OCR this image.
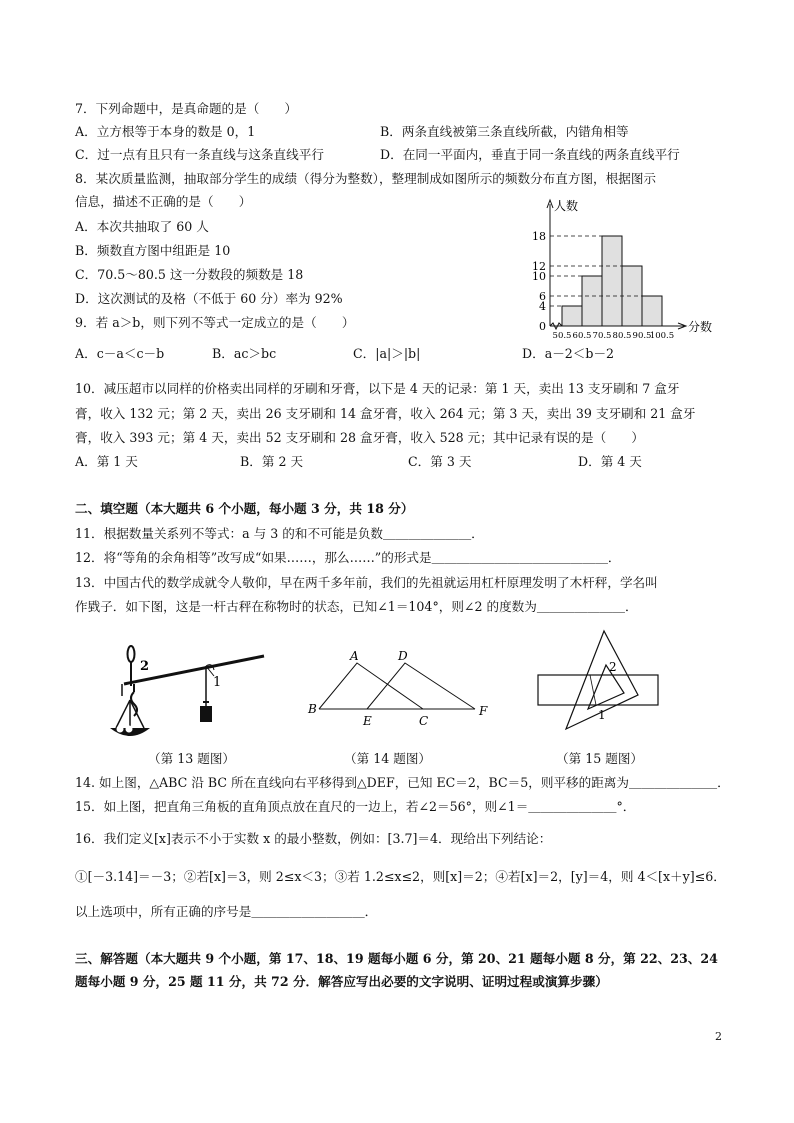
7．下列命题中，是真命题的是（　　）
A．立方根等于本身的数是 0，1	B．两条直线被第三条直线所截，内错角相等
C．过一点有且只有一条直线与这条直线平行	D．在同一平面内，垂直于同一条直线的两条直线平行
8．某次质量监测，抽取部分学生的成绩（得分为整数），整理制成如图所示的频数分布直方图，根据图示
信息，描述不正确的是（　　）
A．本次共抽取了 60 人
B．频数直方图中组距是 10
C．70.5～80.5 这一分数段的频数是 18
D．这次测试的及格（不低于 60 分）率为 92%
0
4
6
10
12
18
50.5 60.5 70.5 80.5 90.5
100.5
人数
分数
9．若 a＞b，则下列不等式一定成立的是（　　）
A．c－a＜c－b	B．ac＞bc	C．|a|＞|b|	D．a－2＜b－2
10．减压超市以同样的价格卖出同样的牙刷和牙膏，以下是 4 天的记录：第 1 天，卖出 13 支牙刷和 7 盒牙
膏，收入 132 元；第 2 天，卖出 26 支牙刷和 14 盒牙膏，收入 264 元；第 3 天，卖出 39 支牙刷和 21 盒牙
膏，收入 393 元；第 4 天，卖出 52 支牙刷和 28 盒牙膏，收入 528 元；其中记录有误的是（　　）
A．第 1 天	B．第 2 天	C．第 3 天	D．第 4 天
二、填空题（本大题共 6 个小题，每小题 3 分，共 18 分）
11．根据数量关系列不等式：a 与 3 的和不可能是负数＿＿＿＿＿＿＿．
12．将“等角的余角相等”改写成“如果……，那么……”的形式是＿＿＿＿＿＿＿＿＿＿＿＿＿＿．
13．中国古代的数学成就令人敬仰，早在两千多年前，我们的先祖就运用杠杆原理发明了木杆秤，学名叫
作戥子．如下图，这是一杆古秤在称物时的状态，已知∠1＝104°，则∠2 的度数为＿＿＿＿＿＿＿．
2
1
A	D
B
E	C
F
2
1
（第 13 题图）	（第 14 题图）	（第 15 题图）
14. 如上图，△ABC 沿 BC 所在直线向右平移得到△DEF，已知 EC＝2，BC＝5，则平移的距离为＿＿＿＿＿＿＿．
15．如上图，把直角三角板的直角顶点放在直尺的一边上，若∠2＝56°，则∠1＝＿＿＿＿＿＿＿°．
16．我们定义[x]表示不小于实数 x 的最小整数，例如：[3.7]＝4．现给出下列结论：
①[－3.14]＝－3；②若[x]＝3，则 2≤x＜3；③若 1.2≤x≤2，则[x]＝2；④若[x]＝2，[y]＝4，则 4＜[x＋y]≤6．
以上选项中，所有正确的序号是＿＿＿＿＿＿＿＿＿．
三、解答题（本大题共 9 个小题，第 17、18、19 题每小题 6 分，第 20、21 题每小题 8 分，第 22、23、24
题每小题 9 分，25 题 11 分，共 72 分．解答应写出必要的文字说明、证明过程或演算步骤）
2
